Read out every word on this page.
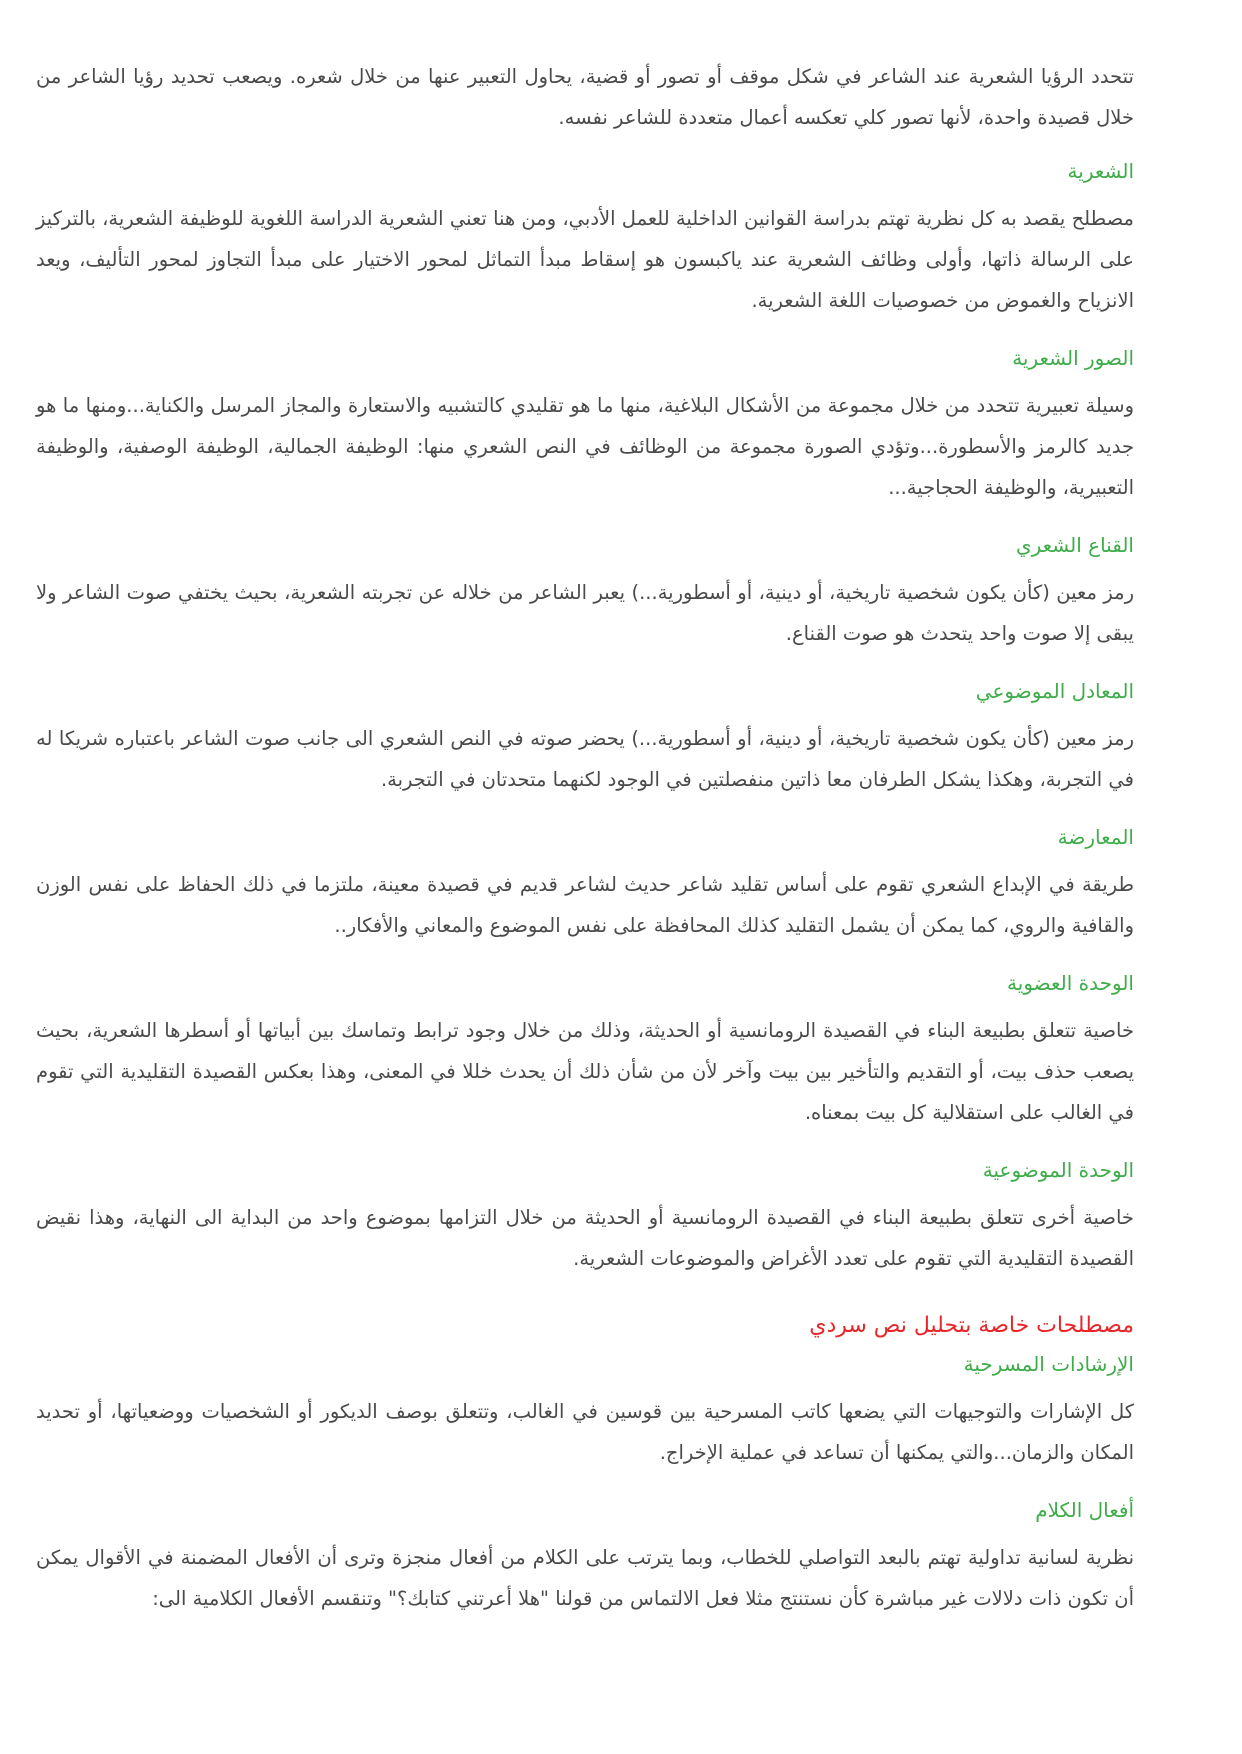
تتحدد الرؤيا الشعرية عند الشاعر في شكل موقف أو تصور أو قضية، يحاول التعبير عنها من خلال شعره. ويصعب تحديد رؤيا الشاعر من خلال قصيدة واحدة، لأنها تصور كلي تعكسه أعمال متعددة للشاعر نفسه.

الشعرية

مصطلح يقصد به كل نظرية تهتم بدراسة القوانين الداخلية للعمل الأدبي، ومن هنا تعني الشعرية الدراسة اللغوية للوظيفة الشعرية، بالتركيز على الرسالة ذاتها، وأولى وظائف الشعرية عند ياكبسون هو إسقاط مبدأ التماثل لمحور الاختيار على مبدأ التجاوز لمحور التأليف، ويعد الانزياح والغموض من خصوصيات اللغة الشعرية.

الصور الشعرية

وسيلة تعبيرية تتحدد من خلال مجموعة من الأشكال البلاغية، منها ما هو تقليدي كالتشبيه والاستعارة والمجاز المرسل والكناية...ومنها ما هو جديد كالرمز والأسطورة...وتؤدي الصورة مجموعة من الوظائف في النص الشعري منها: الوظيفة الجمالية، الوظيفة الوصفية، والوظيفة التعبيرية، والوظيفة الحجاجية...

القناع الشعري

رمز معين (كأن يكون شخصية تاريخية، أو دينية، أو أسطورية...) يعبر الشاعر من خلاله عن تجربته الشعرية، بحيث يختفي صوت الشاعر ولا يبقى إلا صوت واحد يتحدث هو صوت القناع.

المعادل الموضوعي

رمز معين (كأن يكون شخصية تاريخية، أو دينية، أو أسطورية...) يحضر صوته في النص الشعري الى جانب صوت الشاعر باعتباره شريكا له في التجربة، وهكذا يشكل الطرفان معا ذاتين منفصلتين في الوجود لكنهما متحدتان في التجربة.

المعارضة

طريقة في الإبداع الشعري تقوم على أساس تقليد شاعر حديث لشاعر قديم في قصيدة معينة، ملتزما في ذلك الحفاظ على نفس الوزن والقافية والروي، كما يمكن أن يشمل التقليد كذلك المحافظة على نفس الموضوع والمعاني والأفكار..

الوحدة العضوية

خاصية تتعلق بطبيعة البناء في القصيدة الرومانسية أو الحديثة، وذلك من خلال وجود ترابط وتماسك بين أبياتها أو أسطرها الشعرية، بحيث يصعب حذف بيت، أو التقديم والتأخير بين بيت وآخر لأن من شأن ذلك أن يحدث خللا في المعنى، وهذا بعكس القصيدة التقليدية التي تقوم في الغالب على استقلالية كل بيت بمعناه.

الوحدة الموضوعية

خاصية أخرى تتعلق بطبيعة البناء في القصيدة الرومانسية أو الحديثة من خلال التزامها بموضوع واحد من البداية الى النهاية، وهذا نقيض القصيدة التقليدية التي تقوم على تعدد الأغراض والموضوعات الشعرية.

مصطلحات خاصة بتحليل نص سردي
الإرشادات المسرحية

كل الإشارات والتوجيهات التي يضعها كاتب المسرحية بين قوسين في الغالب، وتتعلق بوصف الديكور أو الشخصيات ووضعياتها، أو تحديد المكان والزمان...والتي يمكنها أن تساعد في عملية الإخراج.

أفعال الكلام

نظرية لسانية تداولية تهتم بالبعد التواصلي للخطاب، وبما يترتب على الكلام من أفعال منجزة وترى أن الأفعال المضمنة في الأقوال يمكن أن تكون ذات دلالات غير مباشرة كأن نستنتج مثلا فعل الالتماس من قولنا "هلا أعرتني كتابك؟" وتنقسم الأفعال الكلامية الى:
